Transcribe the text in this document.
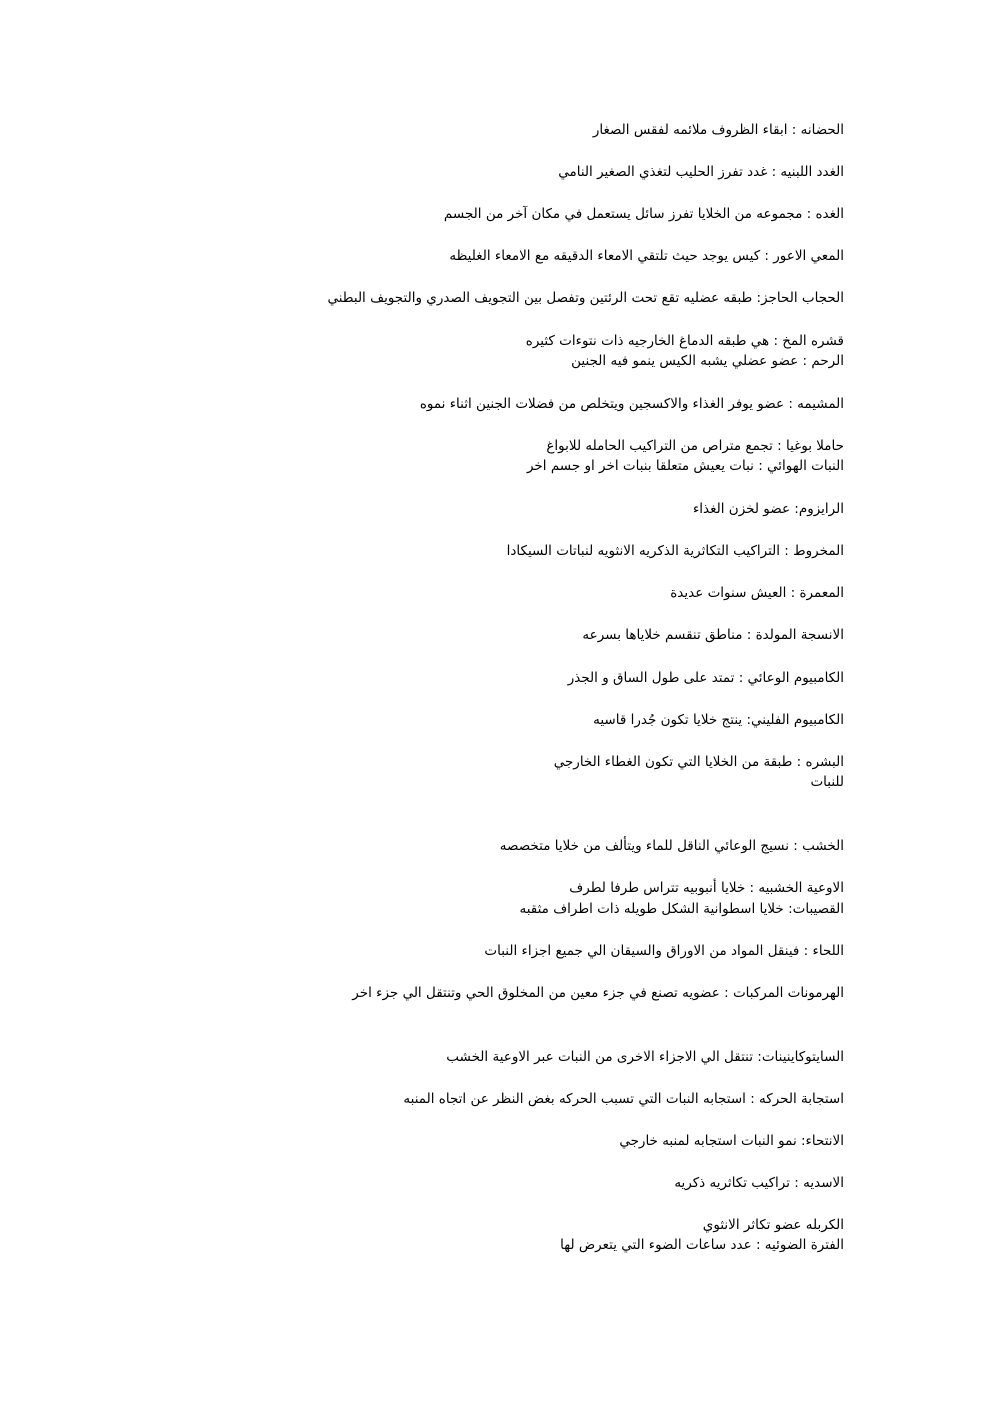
الحضانه : ابقاء الظروف ملائمه لفقس الصغار
الغدد اللبنيه : غدد تفرز الحليب لتغذي الصغير النامي
الغده : مجموعه من الخلايا تفرز سائل يستعمل في مكان آخر من الجسم
المعي الاعور : كيس يوجد حيث تلتقي الامعاء الدقيقه مع الامعاء الغليظه
الحجاب الحاجز: طبقه عضليه تقع تحت الرئتين وتفصل بين التجويف الصدري والتجويف البطني
قشره المخ : هي طبقه الدماغ الخارجيه ذات نتوءات كثيره
الرحم : عضو عضلي يشبه الكيس ينمو فيه الجنين
المشيمه : عضو يوفر الغذاء والاكسجين ويتخلص من فضلات الجنين اثناء نموه
حاملا بوغيا : تجمع متراص من التراكيب الحامله للابواغ
النبات الهوائي : نبات يعيش متعلقا بنبات اخر او جسم اخر
الرايزوم: عضو لخزن الغذاء
المخروط : التراكيب التكاثرية الذكريه الانثويه لنباتات السيكادا
المعمرة : العيش سنوات عديدة
الانسجة المولدة : مناطق تنقسم خلاياها بسرعه
الكامبيوم الوعائي : تمتد على طول الساق و الجذر
الكامبيوم الفليني: ينتج خلايا تكون جُدرا قاسيه
البشره : طبقة من الخلايا التي تكون الغطاء الخارجي
للنبات
الخشب : نسيج الوعائي الناقل للماء ويتألف من خلايا متخصصه
الاوعية الخشبيه : خلايا أنبوبيه تتراس طرفا لطرف
القصيبات: خلايا اسطوانية الشكل طويله ذات اطراف مثقبه
اللحاء : فينقل المواد من الاوراق والسيقان الي جميع اجزاء النبات
الهرمونات المركبات : عضويه تصنع في جزء معين من المخلوق الحي وتنتقل الي جزء اخر
السايتوكاينينات: تنتقل الي الاجزاء الاخرى من النبات عبر الاوعية الخشب
استجابة الحركه : استجابه النبات التي تسبب الحركه بغض النظر عن اتجاه المنبه
الانتحاء: نمو النبات استجابه لمنبه خارجي
الاسديه : تراكيب تكاثريه ذكريه
الكربله عضو تكاثر الانثوي
الفترة الضوئيه : عدد ساعات الضوء التي يتعرض لها
